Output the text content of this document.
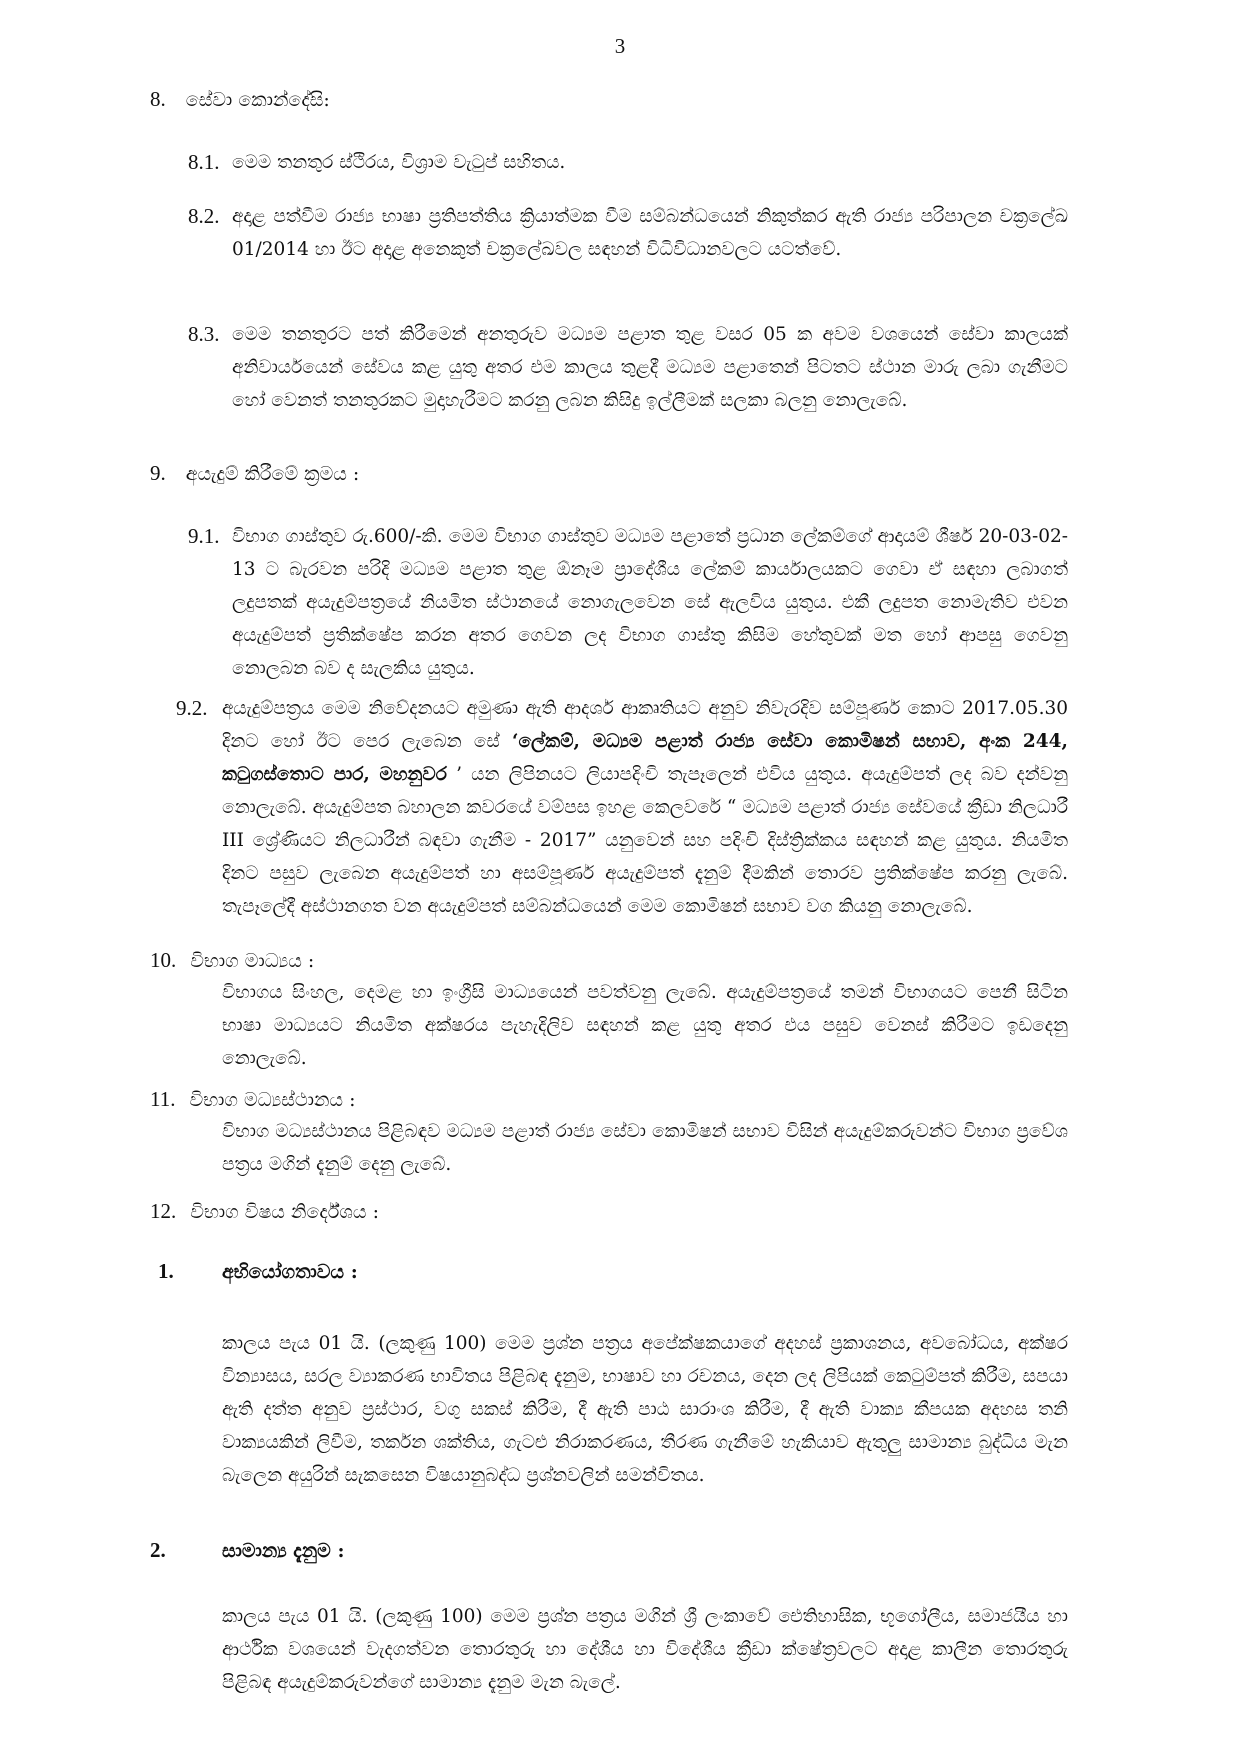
3
8. සේවා කොන්දේසි:
8.1. මෙම තනතුර ස්ථිරය, විශ්‍රාම වැටුප් සහිතය.
8.2. අදාළ පත්වීම රාජ්‍ය භාෂා ප්‍රතිපත්තිය ක්‍රියාත්මක වීම සම්බන්ධයෙන් නිකුත්කර ඇති රාජ්‍ය පරිපාලන චක්‍රලේඛ 01/2014 හා ඊට අදාළ අනෙකුත් චක්‍රලේඛවල සඳහන් විධිවිධානවලට යටත්වේ.
8.3. මෙම තනතුරට පත් කිරීමෙන් අනතුරුව මධ්‍යම පළාත තුළ වසර 05 ක අවම වශයෙන් සේවා කාලයක් අනිවාර්යයෙන් සේවය කළ යුතු අතර එම කාලය තුළදී මධ්‍යම පළාතෙන් පිටතට ස්ථාන මාරු ලබා ගැනීමට හෝ වෙනත් තනතුරකට මුදාහැරීමට කරනු ලබන කිසිදු ඉල්ලීමක් සලකා බලනු නොලැබේ.
9. අයැදුම් කිරීමේ ක්‍රමය :
9.1. විභාග ගාස්තුව රු.600/-කි. මෙම විභාග ගාස්තුව මධ්‍යම පළාතේ ප්‍රධාන ලේකම්ගේ ආදායම් ශීර්ෂ 20-03-02-13 ට බැරවන පරිදි මධ්‍යම පළාත තුළ ඕනෑම ප්‍රාදේශීය ලේකම් කාර්යාලයකට ගෙවා ඒ සඳහා ලබාගත් ලදුපතක් අයැදුම්පත්‍රයේ නියමිත ස්ථානයේ නොගැලවෙන සේ ඇලවිය යුතුය. එකී ලදුපත නොමැතිව එවන අයැදුම්පත් ප්‍රතික්ෂේප කරන අතර ගෙවන ලද විභාග ගාස්තු කිසිම හේතුවක් මත හෝ ආපසු ගෙවනු නොලබන බව ද සැලකිය යුතුය.
9.2. අයැදුම්පත්‍රය මෙම නිවේදනයට අමුණා ඇති ආදර්ශ ආකෘතියට අනුව නිවැරදිව සම්පූර්ණ කොට 2017.05.30 දිනට හෝ ඊට පෙර ලැබෙන සේ ‘ලේකම්, මධ්‍යම පළාත් රාජ්‍ය සේවා කොමිෂන් සභාව, අංක 244, කටුගස්තොට පාර, මහනුවර ’ යන ලිපිනයට ලියාපදිංචි තැපෑලෙන් එවිය යුතුය. අයැදුම්පත් ලද බව දන්වනු නොලැබේ. අයැදුම්පත බහාලන කවරයේ වම්පස ඉහළ කෙලවරේ “ මධ්‍යම පළාත් රාජ්‍ය සේවයේ ක්‍රීඩා නිලධාරී III ශ්‍රේණියට නිලධාරීන් බඳවා ගැනීම - 2017” යනුවෙන් සහ පදිංචි දිස්ත්‍රික්කය සඳහන් කළ යුතුය. නියමිත දිනට පසුව ලැබෙන අයැදුම්පත් හා අසම්පූර්ණ අයැදුම්පත් දැනුම් දීමකින් තොරව ප්‍රතික්ෂේප කරනු ලැබේ. තැපෑලේදී අස්ථානගත වන අයැදුම්පත් සම්බන්ධයෙන් මෙම කොමිෂන් සභාව වග කියනු නොලැබේ.
10. විභාග මාධ්‍යය :
විභාගය සිංහල, දෙමළ හා ඉංග්‍රීසි මාධ්‍යයෙන් පවත්වනු ලැබේ. අයැදුම්පත්‍රයේ තමන් විභාගයට පෙනී සිටින භාෂා මාධ්‍යයට නියමිත අක්ෂරය පැහැදිලිව සඳහන් කළ යුතු අතර එය පසුව වෙනස් කිරීමට ඉඩදෙනු නොලැබේ.
11. විභාග මධ්‍යස්ථානය :
විභාග මධ්‍යස්ථානය පිළිබඳව මධ්‍යම පළාත් රාජ්‍ය සේවා කොමිෂන් සභාව විසින් අයැදුම්කරුවන්ට විභාග ප්‍රවේශ පත්‍රය මගින් දැනුම් දෙනු ලැබේ.
12. විභාග විෂය නිර්දේශය :
1.	අභියෝගතාවය :
කාලය පැය 01 යි. (ලකුණු 100) මෙම ප්‍රශ්න පත්‍රය අපේක්ෂකයාගේ අදහස් ප්‍රකාශනය, අවබෝධය, අක්ෂර වින්‍යාසය, සරල ව්‍යාකරණ භාවිතය පිළිබඳ දැනුම, භාෂාව හා රචනය, දෙන ලද ලිපියක් කෙටුම්පත් කිරීම, සපයා ඇති දත්ත අනුව ප්‍රස්ථාර, වගු සකස් කිරීම, දී ඇති පාඨ සාරාංශ කිරීම, දී ඇති වාක්‍ය කීපයක අදහස තනි වාක්‍යයකින් ලිවීම, තර්කන ශක්තිය, ගැටළු නිරාකරණය, තීරණ ගැනීමේ හැකියාව ඇතුලු සාමාන්‍ය බුද්ධිය මැන බැලෙන අයුරින් සැකසෙන විෂයානුබද්ධ ප්‍රශ්නවලින් සමන්විතය.
2.	සාමාන්‍ය දැනුම :
කාලය පැය 01 යි. (ලකුණු 100) මෙම ප්‍රශ්න පත්‍රය මගින් ශ්‍රී ලංකාවේ ඓතිහාසික, භූගෝලීය, සමාජයීය හා ආර්ථික වශයෙන් වැදගත්වන තොරතුරු හා දේශීය හා විදේශීය ක්‍රීඩා ක්ෂේත්‍රවලට අදාළ කාලීන තොරතුරු පිළිබඳ අයැදුම්කරුවන්ගේ සාමාන්‍ය දැනුම මැන බැලේ.
